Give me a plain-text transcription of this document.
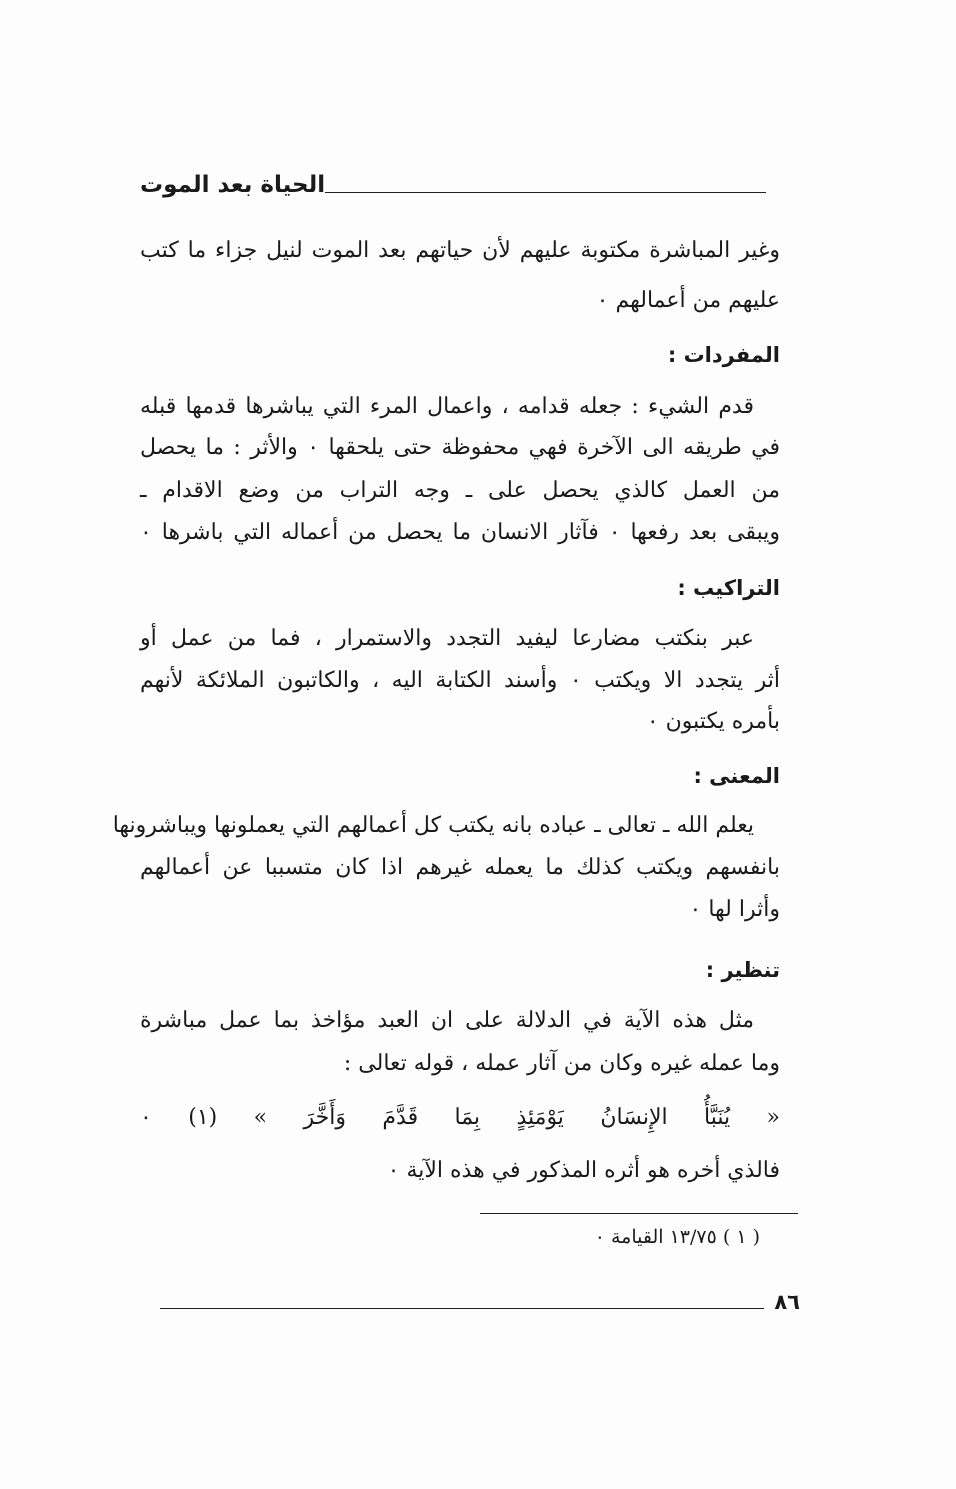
الحياة بعد الموت
وغير المباشرة مكتوبة عليهم لأن حياتهم بعد الموت لنيل جزاء ما كتب
عليهم من أعمالهم ٠
المفردات :
قدم الشيء : جعله قدامه ، واعمال المرء التي يباشرها قدمها قبله
في طريقه الى الآخرة فهي محفوظة حتى يلحقها ٠ والأثر : ما يحصل
من العمل كالذي يحصل على ـ وجه التراب من وضع الاقدام ـ
ويبقى بعد رفعها ٠ فآثار الانسان ما يحصل من أعماله التي باشرها ٠
التراكيب :
عبر بنكتب مضارعا ليفيد التجدد والاستمرار ، فما من عمل أو
أثر يتجدد الا ويكتب ٠ وأسند الكتابة اليه ، والكاتبون الملائكة لأنهم
بأمره يكتبون ٠
المعنى :
يعلم الله ـ تعالى ـ عباده بانه يكتب كل أعمالهم التي يعملونها ويباشرونها
بانفسهم ويكتب كذلك ما يعمله غيرهم اذا كان متسببا عن أعمالهم
وأثرا لها ٠
تنظير :
مثل هذه الآية في الدلالة على ان العبد مؤاخذ بما عمل مباشرة
وما عمله غيره وكان من آثار عمله ، قوله تعالى :
« يُنَبَّأُ الإِنسَانُ يَوْمَئِذٍ بِمَا قَدَّمَ وَأَخَّرَ » (١) ٠
فالذي أخره هو أثره المذكور في هذه الآية ٠
( ١ ) ١٣/٧٥ القيامة ٠
٨٦
